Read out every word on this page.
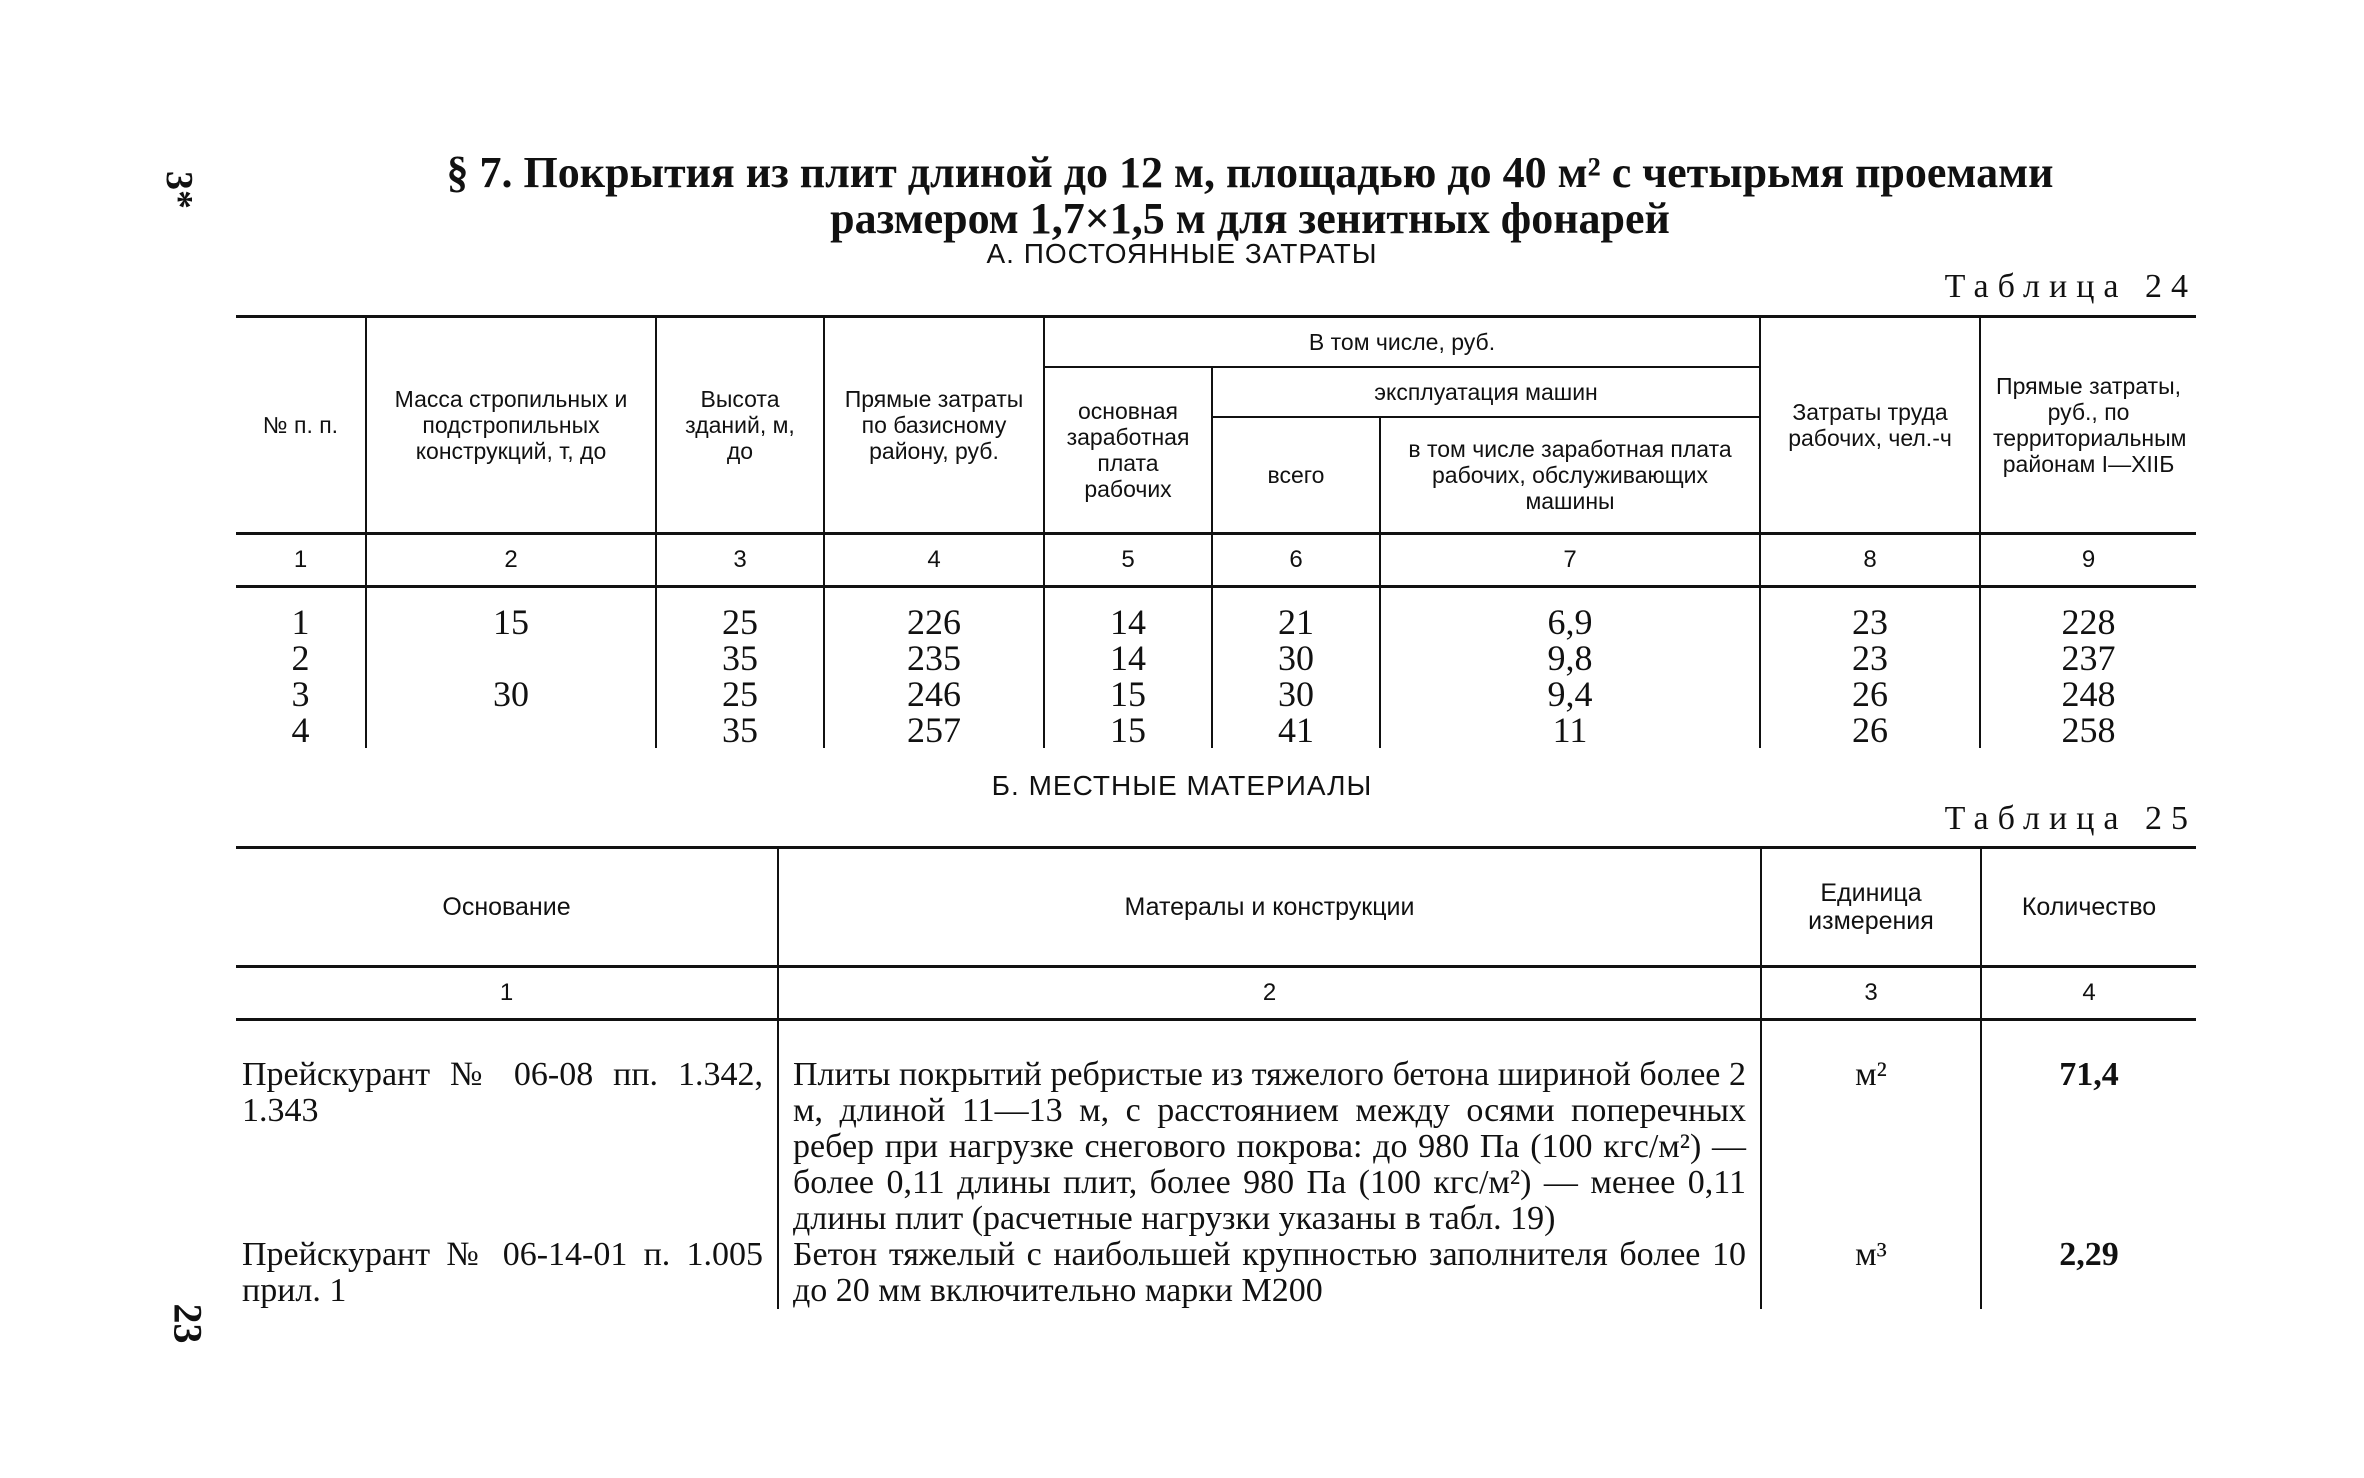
3*
23
§ 7. Покрытия из плит длиной до 12 м, площадью до 40 м² с четырьмя проемами
размером 1,7×1,5 м для зенитных фонарей
А. ПОСТОЯННЫЕ ЗАТРАТЫ
Таблица 24
№ п. п.	Масса стропильных и подстропильных конструкций, т, до	Высота зданий, м, до	Прямые затраты по базисному району, руб.	В том числе, руб.			Затраты труда рабочих, чел.-ч	Прямые затраты, руб., по территориальным районам I—XIIБ
				основная заработная плата рабочих	эксплуатация машин			
					всего	в том числе заработная плата рабочих, обслуживающих машины		
1	2	3	4	5	6	7	8	9
1	15	25	226	14	21	6,9	23	228
2		35	235	14	30	9,8	23	237
3	30	25	246	15	30	9,4	26	248
4		35	257	15	41	11	26	258
Б. МЕСТНЫЕ МАТЕРИАЛЫ
Таблица 25
Основание	Матерaлы и конструкции	Единица измерения	Количество
1	2	3	4
Прейскурант № 06-08 пп. 1.342, 1.343	Плиты покрытий ребристые из тяжелого бетона шириной более 2 м, длиной 11—13 м, с расстоянием между осями поперечных ребер при нагрузке снегового покрова: до 980 Па (100 кгс/м²) — более 0,11 длины плит, более 980 Па (100 кгс/м²) — менее 0,11 длины плит (расчетные нагрузки указаны в табл. 19)	м²	71,4
Прейскурант № 06-14-01 п. 1.005 прил. 1	Бетон тяжелый с наибольшей крупностью заполнителя более 10 до 20 мм включительно марки М200	м³	2,29
